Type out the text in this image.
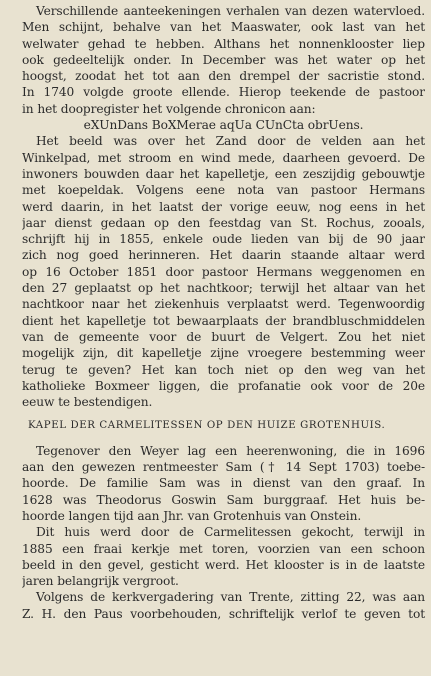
Verschillende aanteekeningen verhalen van dezen watervloed.
Men schijnt, behalve van het Maaswater, ook last van het
welwater gehad te hebben. Althans het nonnenklooster liep
ook gedeeltelijk onder. In December was het water op het
hoogst, zoodat het tot aan den drempel der sacristie stond.
In 1740 volgde groote ellende. Hierop teekende de pastoor
in het doopregister het volgende chronicon aan:
eXUnDans BoXMerae aqUa CUnCta obrUens.
Het beeld was over het Zand door de velden aan het
Winkelpad, met stroom en wind mede, daarheen gevoerd. De
inwoners bouwden daar het kapelletje, een zeszijdig gebouwtje
met koepeldak. Volgens eene nota van pastoor Hermans
werd daarin, in het laatst der vorige eeuw, nog eens in het
jaar dienst gedaan op den feestdag van St. Rochus, zooals,
schrijft hij in 1855, enkele oude lieden van bij de 90 jaar
zich nog goed herinneren. Het daarin staande altaar werd
op 16 October 1851 door pastoor Hermans weggenomen en
den 27 geplaatst op het nachtkoor; terwijl het altaar van het
nachtkoor naar het ziekenhuis verplaatst werd. Tegenwoordig
dient het kapelletje tot bewaarplaats der brandbluschmiddelen
van de gemeente voor de buurt de Velgert. Zou het niet
mogelijk zijn, dit kapelletje zijne vroegere bestemming weer
terug te geven? Het kan toch niet op den weg van het
katholieke Boxmeer liggen, die profanatie ook voor de 20e
eeuw te bestendigen.
KAPEL DER CARMELITESSEN OP DEN HUIZE GROTENHUIS.
Tegenover den Weyer lag een heerenwoning, die in 1696
aan den gewezen rentmeester Sam († 14 Sept 1703) toebe-
hoorde. De familie Sam was in dienst van den graaf. In
1628 was Theodorus Goswin Sam burggraaf. Het huis be-
hoorde langen tijd aan Jhr. van Grotenhuis van Onstein.
Dit huis werd door de Carmelitessen gekocht, terwijl in
1885 een fraai kerkje met toren, voorzien van een schoon
beeld in den gevel, gesticht werd. Het klooster is in de laatste
jaren belangrijk vergroot.
Volgens de kerkvergadering van Trente, zitting 22, was aan
Z. H. den Paus voorbehouden, schriftelijk verlof te geven tot
